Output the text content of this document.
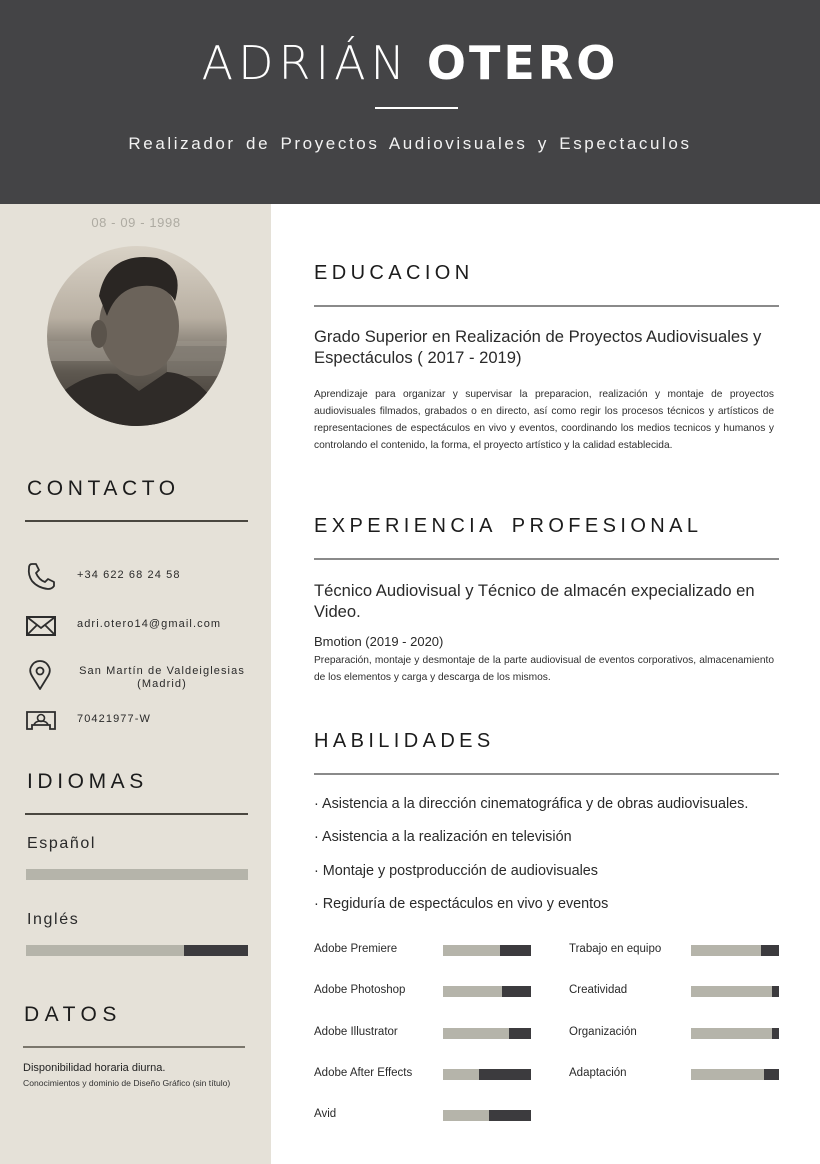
ADRIÁN OTERO
Realizador de Proyectos Audiovisuales y Espectaculos
08 - 09 - 1998
CONTACTO
+34 622 68 24 58
adri.otero14@gmail.com
San Martín de Valdeiglesias
(Madrid)
70421977-W
IDIOMAS
Español
Inglés
DATOS
Disponibilidad horaria diurna.
Conocimientos y dominio de Diseño Gráfico (sin título)
EDUCACION
Grado Superior en Realización de Proyectos Audiovisuales y Espectáculos ( 2017 - 2019)
Aprendizaje para organizar y supervisar la preparacion, realización y montaje de proyectos audiovisuales filmados, grabados o en directo, así como regir los procesos técnicos y artísticos de representaciones de espectáculos en vivo y eventos, coordinando los medios tecnicos y humanos y controlando el contenido, la forma, el proyecto artístico y la calidad establecida.
EXPERIENCIA PROFESIONAL
Técnico Audiovisual y Técnico de almacén expecializado en Video.
Bmotion (2019 - 2020)
Preparación, montaje y desmontaje de la parte audiovisual de eventos corporativos, almacenamiento de los elementos y carga y descarga de los mismos.
HABILIDADES
· Asistencia a la dirección cinematográfica y de obras audiovisuales.
· Asistencia a la realización en televisión
· Montaje y postproducción de audiovisuales
· Regiduría de espectáculos en vivo y eventos
Adobe Premiere
Adobe Photoshop
Adobe Illustrator
Adobe After Effects
Avid
Trabajo en equipo
Creatividad
Organización
Adaptación
